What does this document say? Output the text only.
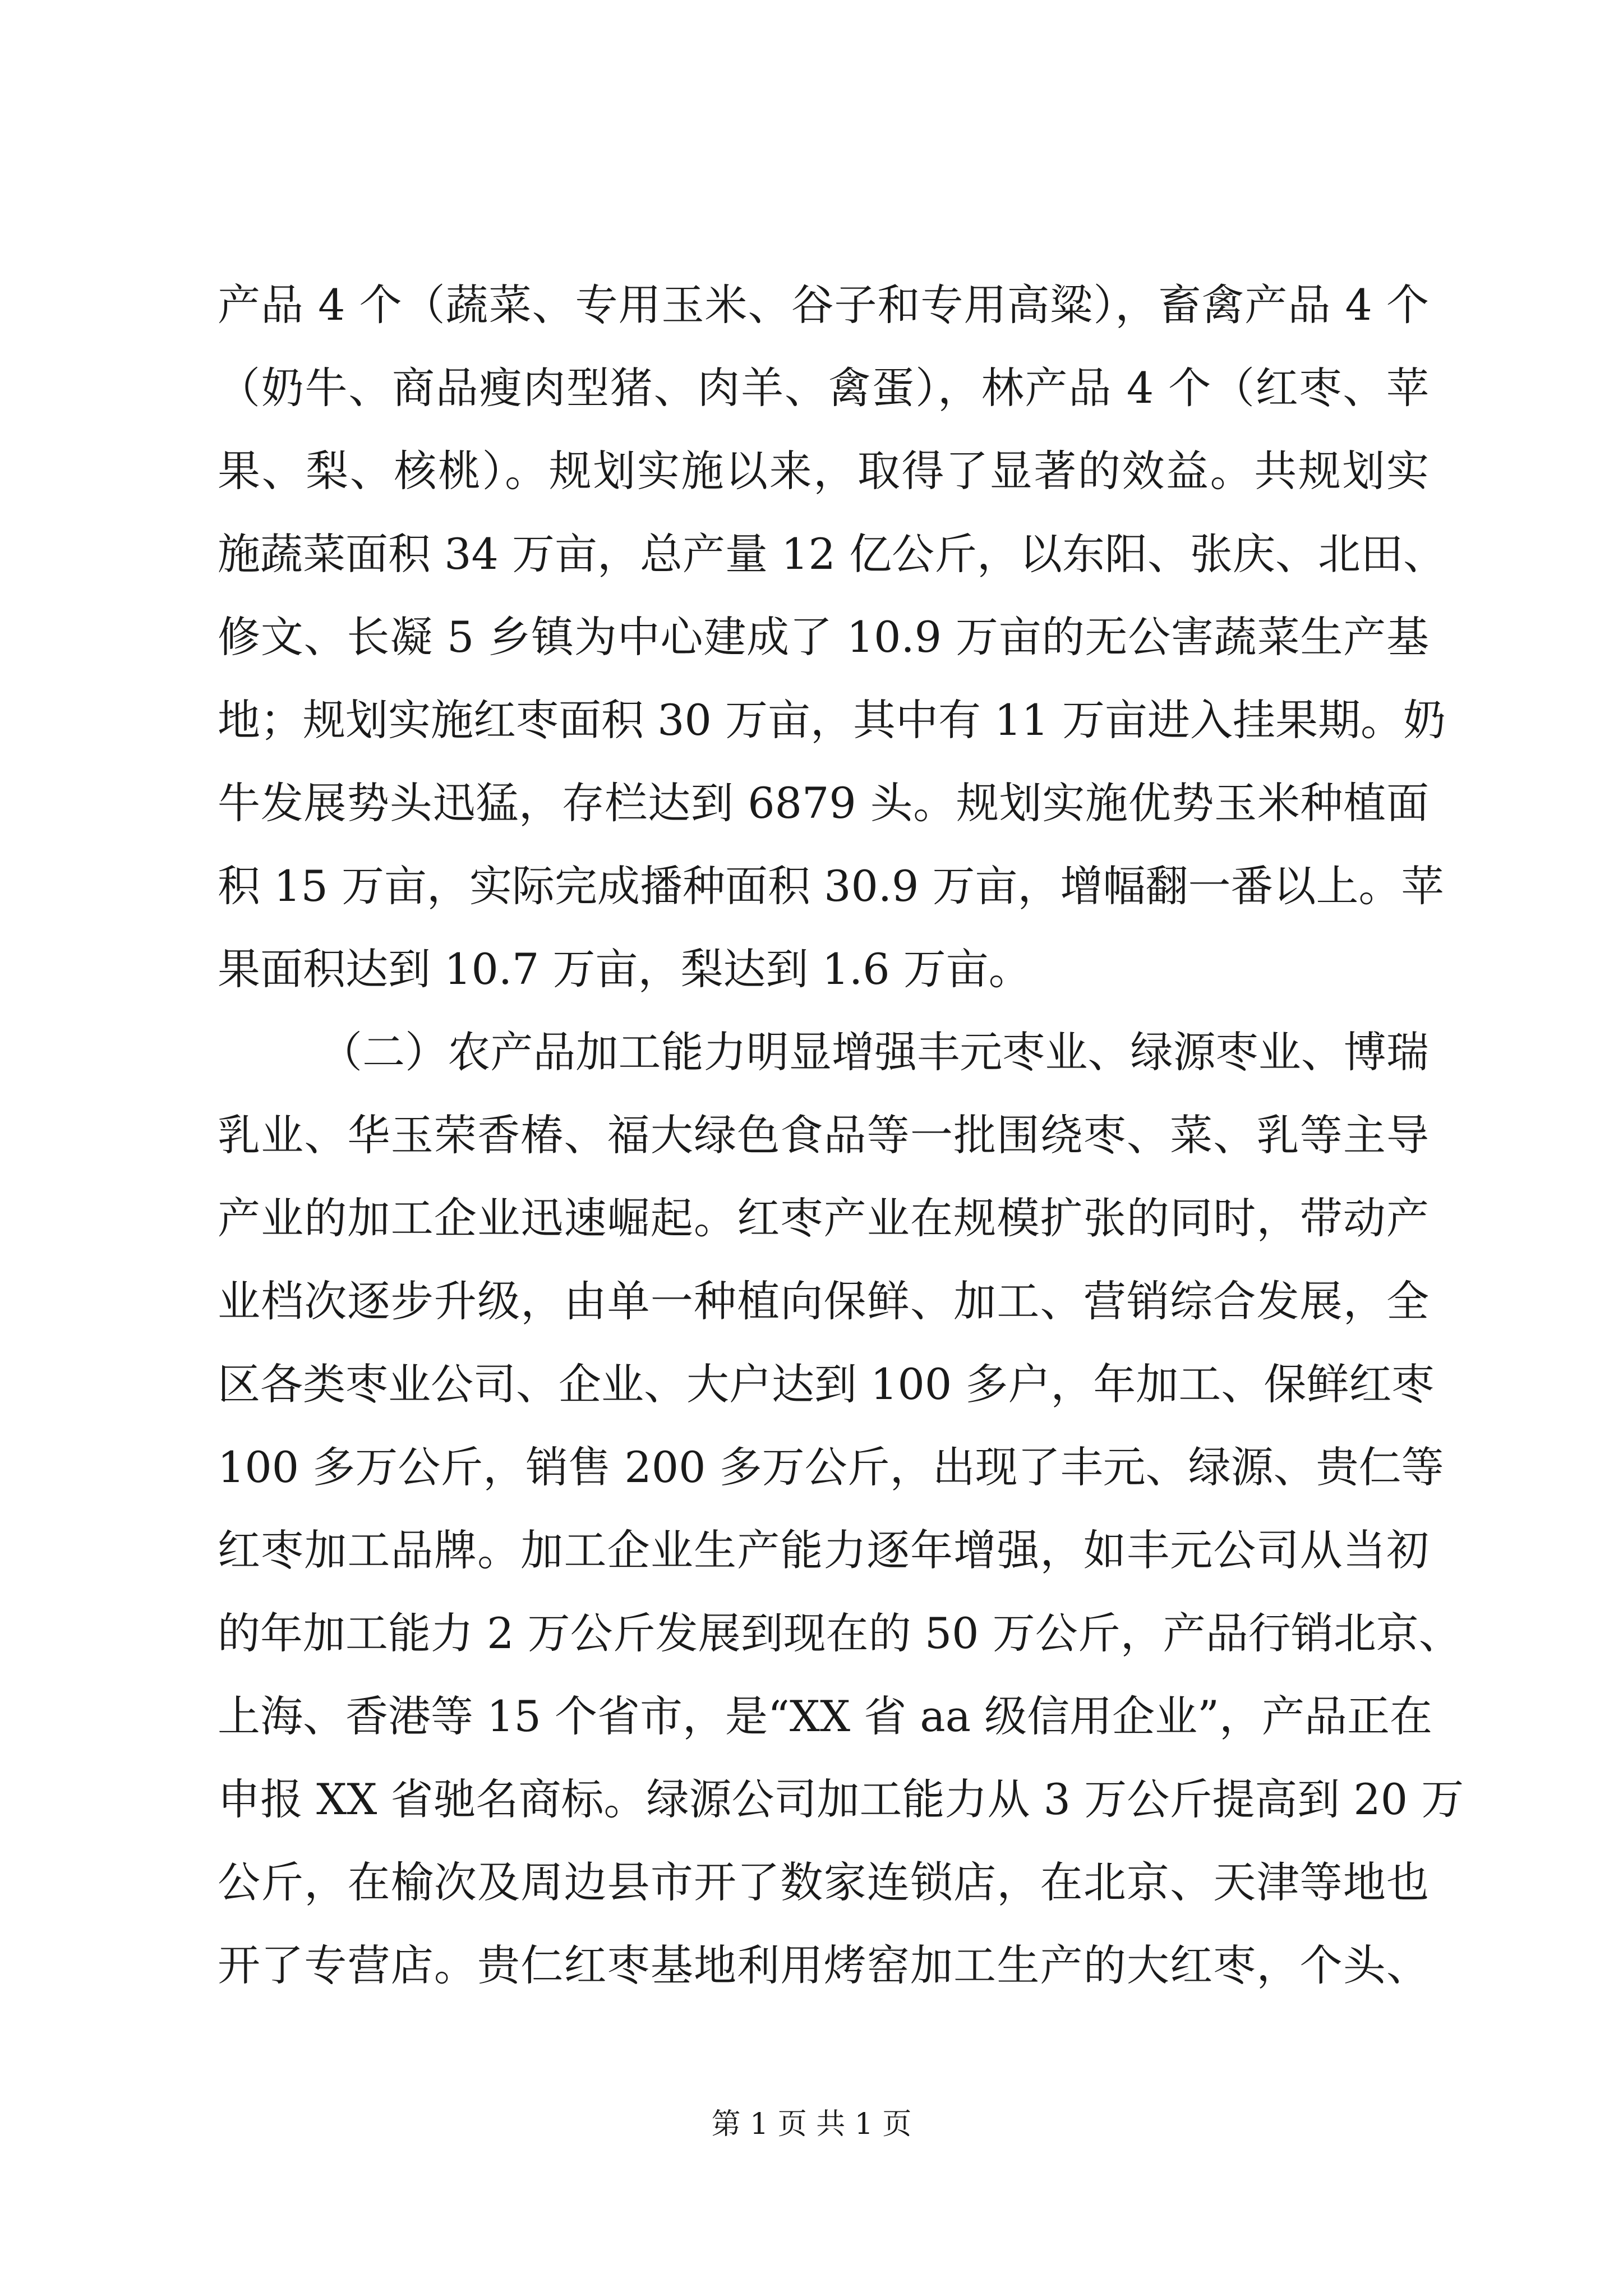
产品 4 个（蔬菜、专用玉米、谷子和专用高粱），畜禽产品 4 个
（奶牛、商品瘦肉型猪、肉羊、禽蛋），林产品 4 个（红枣、苹
果、梨、核桃）。规划实施以来，取得了显著的效益。共规划实
施蔬菜面积 34 万亩，总产量 12 亿公斤，以东阳、张庆、北田、
修文、长凝 5 乡镇为中心建成了 10.9 万亩的无公害蔬菜生产基
地；规划实施红枣面积 30 万亩，其中有 11 万亩进入挂果期。奶
牛发展势头迅猛，存栏达到 6879 头。规划实施优势玉米种植面
积 15 万亩，实际完成播种面积 30.9 万亩，增幅翻一番以上。苹
果面积达到 10.7 万亩，梨达到 1.6 万亩。
（二）农产品加工能力明显增强丰元枣业、绿源枣业、博瑞
乳业、华玉荣香椿、福大绿色食品等一批围绕枣、菜、乳等主导
产业的加工企业迅速崛起。红枣产业在规模扩张的同时，带动产
业档次逐步升级，由单一种植向保鲜、加工、营销综合发展，全
区各类枣业公司、企业、大户达到 100 多户，年加工、保鲜红枣
100 多万公斤，销售 200 多万公斤，出现了丰元、绿源、贵仁等
红枣加工品牌。加工企业生产能力逐年增强，如丰元公司从当初
的年加工能力 2 万公斤发展到现在的 50 万公斤，产品行销北京、
上海、香港等 15 个省市，是“XX 省 aa 级信用企业”，产品正在
申报 XX 省驰名商标。绿源公司加工能力从 3 万公斤提高到 20 万
公斤，在榆次及周边县市开了数家连锁店，在北京、天津等地也
开了专营店。贵仁红枣基地利用烤窑加工生产的大红枣，个头、
第 1 页 共 1 页
